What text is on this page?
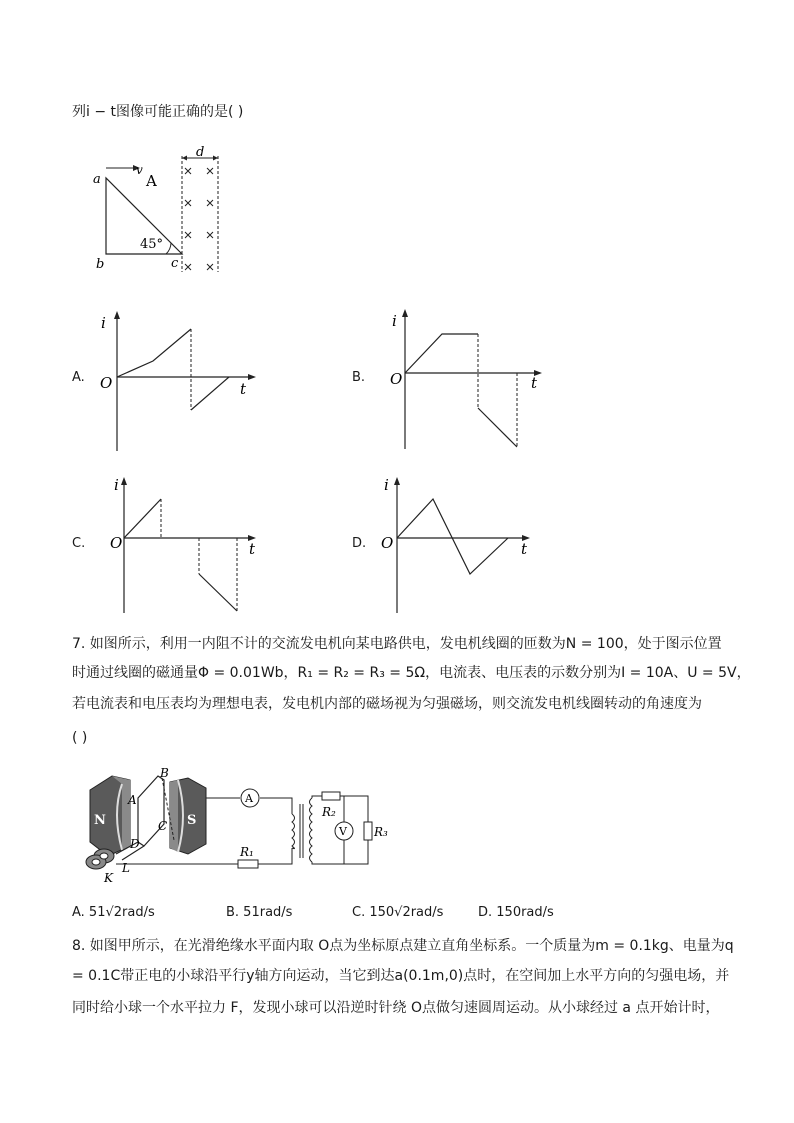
列i − t图像可能正确的是( )
v
A
d
a
b	c
45°
A.
i
t
O	B.
i
t
O
C.
i
t
O	D.
i
t
O
7. 如图所示，利用一内阻不计的交流发电机向某电路供电，发电机线圈的匝数为N = 100，处于图示位置
时通过线圈的磁通量Φ = 0.01Wb，R₁ = R₂ = R₃ = 5Ω，电流表、电压表的示数分别为I = 10A、U = 5V，
若电流表和电压表均为理想电表，发电机内部的磁场视为匀强磁场，则交流发电机线圈转动的角速度为
( )
N	S
B
A
C
D
L
K
A
R₁
R₂
V R₃
A. 51√2rad/s	B. 51rad/s	C. 150√2rad/s	D. 150rad/s
8. 如图甲所示，在光滑绝缘水平面内取 O点为坐标原点建立直角坐标系。一个质量为m = 0.1kg、电量为q
= 0.1C带正电的小球沿平行y轴方向运动，当它到达a(0.1m,0)点时，在空间加上水平方向的匀强电场，并
同时给小球一个水平拉力 F，发现小球可以沿逆时针绕 O点做匀速圆周运动。从小球经过 a 点开始计时，
